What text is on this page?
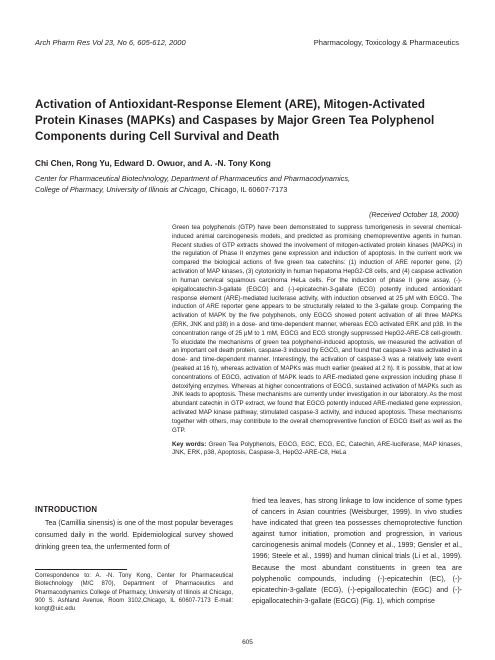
Arch Pharm Res Vol 23, No 6, 605-612, 2000	Pharmacology, Toxicology & Pharmaceutics
Activation of Antioxidant-Response Element (ARE), Mitogen-Activated Protein Kinases (MAPKs) and Caspases by Major Green Tea Polyphenol Components during Cell Survival and Death
Chi Chen, Rong Yu, Edward D. Owuor, and A. -N. Tony Kong
Center for Pharmaceutical Biotechnology, Department of Pharmaceutics and Pharmacodynamics,
College of Pharmacy, University of Illinois at Chicago, Chicago, IL 60607-7173
(Received October 18, 2000)

Green tea polyphenols (GTP) have been demonstrated to suppress tumorigenesis in several chemical-induced animal carcinogenesis models, and predicted as promising chemopreventive agents in human. Recent studies of GTP extracts showed the involvement of mitogen-activated protein kinases (MAPKs) in the regulation of Phase II enzymes gene expression and induction of apoptosis. In the current work we compared the biological actions of five green tea catechins: (1) induction of ARE reporter gene, (2) activation of MAP kinases, (3) cytotoxicity in human hepatoma HepG2-C8 cells, and (4) caspase activation in human cervical squamous carcinoma HeLa cells. For the induction of phase II gene assay, (-)-epigallocatechin-3-gallate (EGCG) and (-)-epicatechin-3-gallate (ECG) potently induced antioxidant response element (ARE)-mediated luciferase activity, with induction observed at 25 μM with EGCG. The induction of ARE reporter gene appears to be structurally related to the 3-gallate group. Comparing the activation of MAPK by the five polyphenols, only EGCG showed potent activation of all three MAPKs (ERK, JNK and p38) in a dose- and time-dependent manner, whereas ECG activated ERK and p38. In the concentration range of 25 μM to 1 mM, EGCG and ECG strongly suppressed HepG2-ARE-C8 cell-growth. To elucidate the mechanisms of green tea polyphenol-induced apoptosis, we measured the activation of an important cell death protein, caspase-3 induced by EGCG, and found that caspase-3 was activated in a dose- and time-dependent manner. Interestingly, the activation of caspase-3 was a relatively late event (peaked at 16 h), whereas activation of MAPKs was much earlier (peaked at 2 h). It is possible, that at low concentrations of EGCG, activation of MAPK leads to ARE-mediated gene expression including phase II detoxifying enzymes. Whereas at higher concentrations of EGCG, sustained activation of MAPKs such as JNK leads to apoptosis. These mechanisms are currently under investigation in our laboratory. As the most abundant catechin in GTP extract, we found that EGCG potently induced ARE-mediated gene expression, activated MAP kinase pathway, stimulated caspase-3 activity, and induced apoptosis. These mechanisms together with others, may contribute to the overall chemopreventive function of EGCG itself as well as the GTP.

Key words: Green Tea Polyphenols, EGCG, EGC, ECG, EC, Catechin, ARE-luciferase, MAP kinases, JNK, ERK, p38, Apoptosis, Caspase-3, HepG2-ARE-C8, HeLa

INTRODUCTION

Tea (Camillia sinensis) is one of the most popular beverages consumed daily in the world. Epidemiological survey showed drinking green tea, the unfermented form of

Correspondence to: A. -N. Tony Kong, Center for Pharmaceutical Biotechnology (M/C 870), Department of Pharmaceutics and Pharmacodynamics College of Pharmacy, University of Illinois at Chicago, 900 S. Ashland Avenue, Room 3102,Chicago, IL 60607-7173 E-mail: kongt@uic.edu

fried tea leaves, has strong linkage to low incidence of some types of cancers in Asian countries (Weisburger, 1999). In vivo studies have indicated that green tea possesses chemoprotective function against tumor initiation, promotion and progression, in various carcinogenesis animal models (Conney et al., 1999; Gensler et al., 1996; Steele et al., 1999) and human clinical trials (Li et al., 1999). Because the most abundant constituents in green tea are polyphenolic compounds, including (-)-epicatechin (EC), (-)-epicatechin-3-gallate (ECG), (-)-epigallocatechin (EGC) and (-)-epigallocatechin-3-gallate (EGCG) (Fig. 1), which comprise

605
